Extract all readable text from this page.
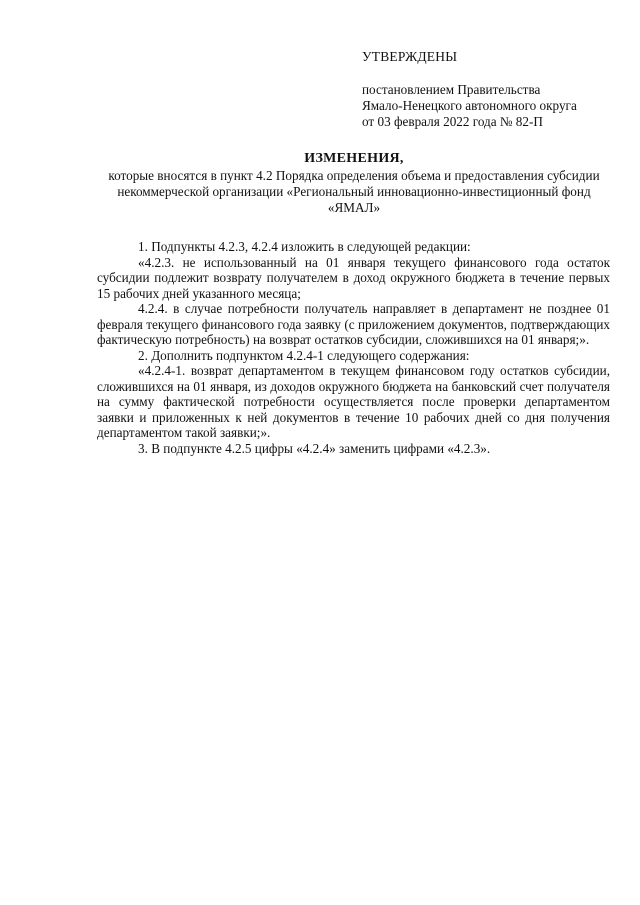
УТВЕРЖДЕНЫ
постановлением Правительства
Ямало-Ненецкого автономного округа
от 03 февраля 2022 года № 82-П
ИЗМЕНЕНИЯ,
которые вносятся в пункт 4.2 Порядка определения объема и предоставления субсидии некоммерческой организации «Региональный инновационно-инвестиционный фонд «ЯМАЛ»

1. Подпункты 4.2.3, 4.2.4 изложить в следующей редакции:

«4.2.3. не использованный на 01 января текущего финансового года остаток субсидии подлежит возврату получателем в доход окружного бюджета в течение первых 15 рабочих дней указанного месяца;

4.2.4. в случае потребности получатель направляет в департамент не позднее 01 февраля текущего финансового года заявку (с приложением документов, подтверждающих фактическую потребность) на возврат остатков субсидии, сложившихся на 01 января;».

2. Дополнить подпунктом 4.2.4-1 следующего содержания:

«4.2.4-1. возврат департаментом в текущем финансовом году остатков субсидии, сложившихся на 01 января, из доходов окружного бюджета на банковский счет получателя на сумму фактической потребности осуществляется после проверки департаментом заявки и приложенных к ней документов в течение 10 рабочих дней со дня получения департаментом такой заявки;».

3. В подпункте 4.2.5 цифры «4.2.4» заменить цифрами «4.2.3».
